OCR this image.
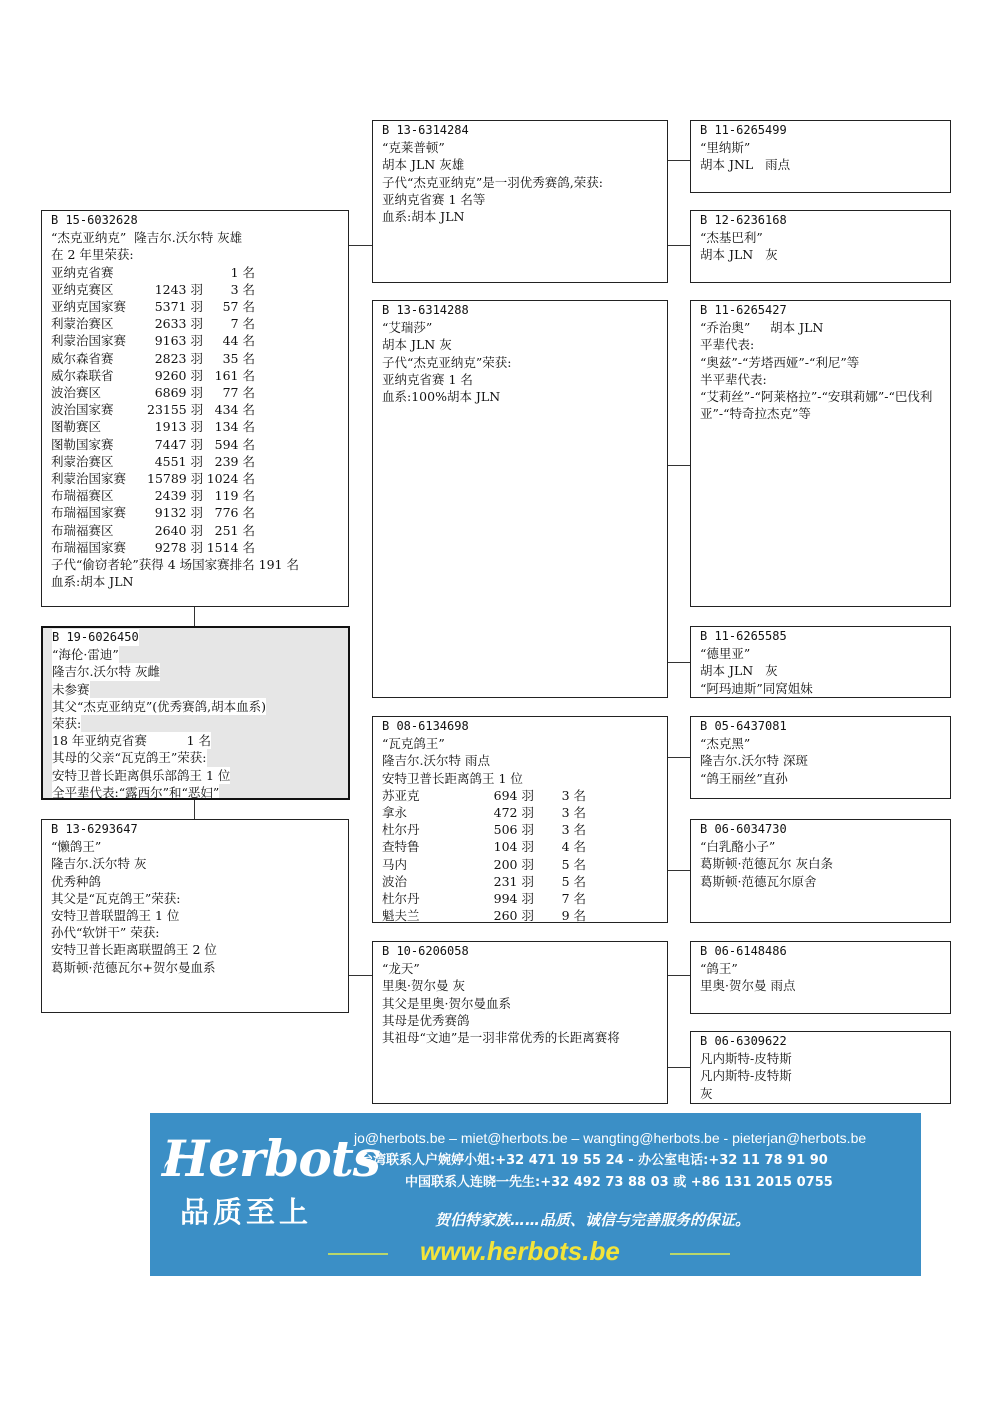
B 15-6032628
“杰克亚纳克”  隆吉尔.沃尔特 灰雄
在 2 年里荣获:
亚纳克省赛	1 名
亚纳克赛区	1243 羽	3 名
亚纳克国家赛	5371 羽	57 名
利蒙治赛区	2633 羽	7 名
利蒙治国家赛	9163 羽	44 名
威尔森省赛	2823 羽	35 名
威尔森联省	9260 羽 161 名
波治赛区	6869 羽	77 名
波治国家赛	23155 羽 434 名
图勒赛区	1913 羽 134 名
图勒国家赛	7447 羽 594 名
利蒙治赛区	4551 羽 239 名
利蒙治国家赛	15789 羽 1024 名
布瑞福赛区	2439 羽 119 名
布瑞福国家赛	9132 羽 776 名
布瑞福赛区	2640 羽 251 名
布瑞福国家赛	9278 羽 1514 名
子代“偷窃者轮”获得 4 场国家赛排名 191 名
血系:胡本 JLN
B 19-6026450
“海伦·雷迪”
隆吉尔.沃尔特 灰雌
未参赛
其父“杰克亚纳克”(优秀赛鸽,胡本血系)
荣获:
18 年亚纳克省赛          1 名
其母的父亲“瓦克鸽王”荣获:
安特卫普长距离俱乐部鸽王 1 位
全平辈代表:“露西尔”和“恶妇”
B 13-6293647
“懒鸽王”
隆吉尔.沃尔特 灰
优秀种鸽
其父是“瓦克鸽王”荣获:
安特卫普联盟鸽王 1 位
孙代“软饼干” 荣获:
安特卫普长距离联盟鸽王 2 位
葛斯顿·范德瓦尔+贺尔曼血系
B 13-6314284
“克莱普顿”
胡本 JLN 灰雄
子代“杰克亚纳克”是一羽优秀赛鸽,荣获:
亚纳克省赛 1 名等
血系:胡本 JLN
B 13-6314288
“艾瑞莎”
胡本 JLN 灰
子代“杰克亚纳克”荣获:
亚纳克省赛 1 名
血系:100%胡本 JLN
B 08-6134698
“瓦克鸽王”
隆吉尔.沃尔特 雨点
安特卫普长距离鸽王 1 位
苏亚克	694 羽	3 名
拿永	472 羽	3 名
杜尔丹	506 羽	3 名
查特鲁	104 羽	4 名
马内	200 羽	5 名
波治	231 羽	5 名
杜尔丹	994 羽	7 名
魁夫兰	260 羽	9 名
B 10-6206058
“龙天”
里奥·贺尔曼 灰
其父是里奥·贺尔曼血系
其母是优秀赛鸽
其祖母“文迪”是一羽非常优秀的长距离赛将
B 11-6265499
“里纳斯”
胡本 JNL   雨点
B 12-6236168
“杰基巴利”
胡本 JLN   灰
B 11-6265427
“乔治奥”     胡本 JLN
平辈代表:
“奥兹”-“芳塔西娅”-“利尼”等
半平辈代表:
“艾莉丝”-“阿莱格拉”-“安琪莉娜”-“巴伐利亚”-“特奇拉杰克”等
B 11-6265585
“德里亚”
胡本 JLN   灰
“阿玛迪斯”同窝姐妹
B 05-6437081
“杰克黑”
隆吉尔.沃尔特 深斑
“鸽王丽丝”直孙
B 06-6034730
“白乳酪小子”
葛斯顿·范德瓦尔 灰白条
葛斯顿·范德瓦尔原舍
B 06-6148486
“鸽王”
里奥·贺尔曼 雨点
B 06-6309622
凡内斯特-皮特斯
凡内斯特-皮特斯
灰
Herbots
品质至上
jo@herbots.be – miet@herbots.be – wangting@herbots.be - pieterjan@herbots.be
台湾联系人户婉婷小姐:+32 471 19 55 24 - 办公室电话:+32 11 78 91 90
中国联系人连晓一先生:+32 492 73 88 03 或 +86 131 2015 0755
贺伯特家族……品质、诚信与完善服务的保证。
www.herbots.be
